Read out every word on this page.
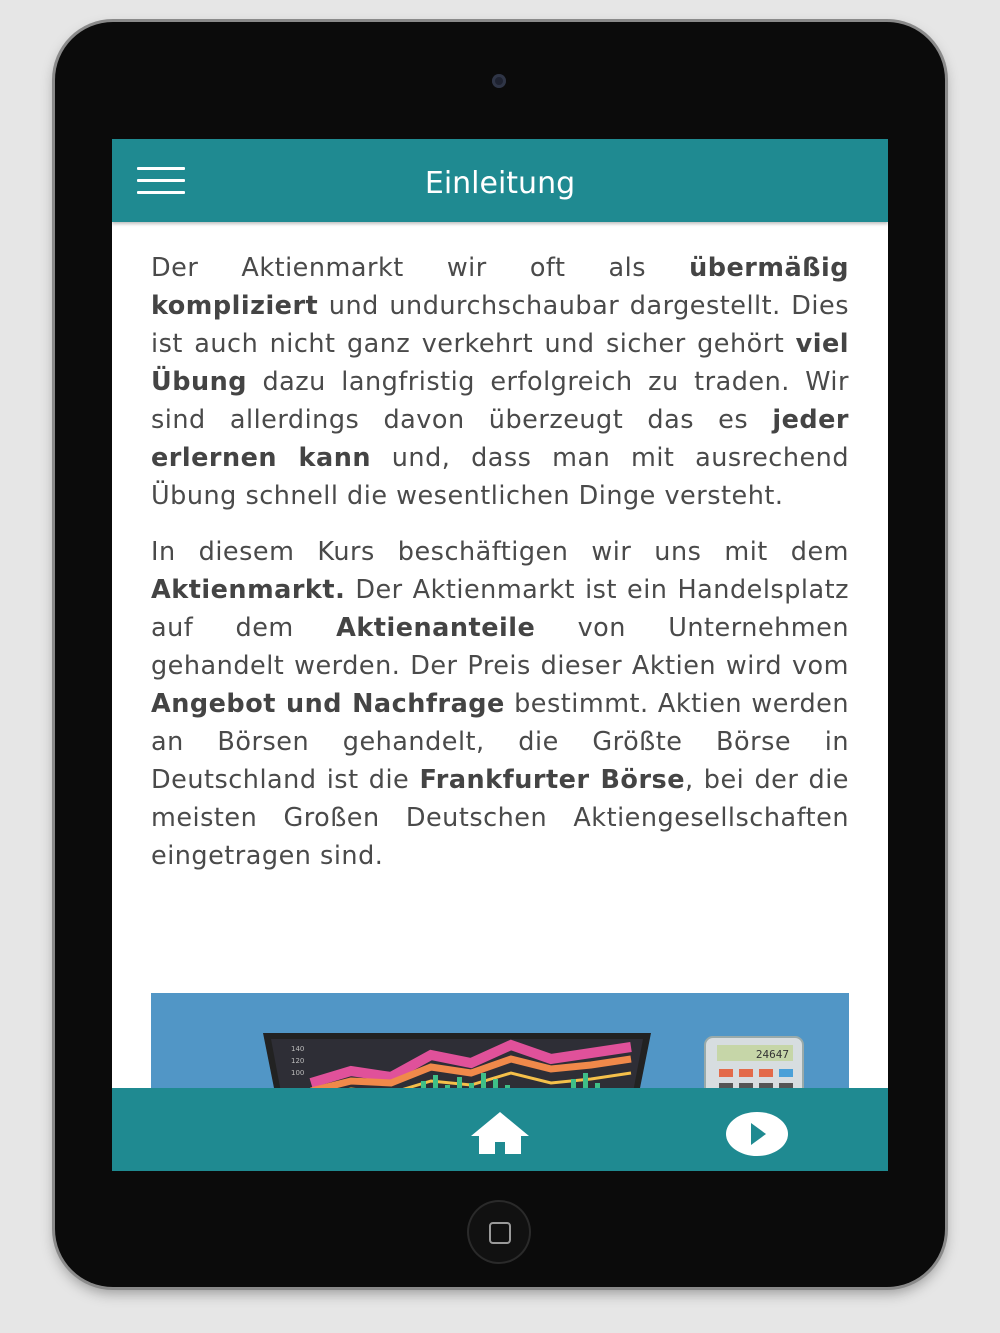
Einleitung

Der Aktienmarkt wir oft als übermäßig kompliziert und undurchschaubar dargestellt. Dies ist auch nicht ganz verkehrt und sicher gehört viel Übung dazu langfristig erfolgreich zu traden. Wir sind allerdings davon überzeugt das es jeder erlernen kann und, dass man mit ausrechend Übung schnell die wesentlichen Dinge versteht.

In diesem Kurs beschäftigen wir uns mit dem Aktienmarkt. Der Aktienmarkt ist ein Handelsplatz auf dem Aktienanteile von Unternehmen gehandelt werden. Der Preis dieser Aktien wird vom Angebot und Nachfrage bestimmt. Aktien werden an Börsen gehandelt, die Größte Börse in Deutschland ist die Frankfurter Börse, bei der die meisten Großen Deutschen Aktiengesellschaften eingetragen sind.

140
120
100
24647
